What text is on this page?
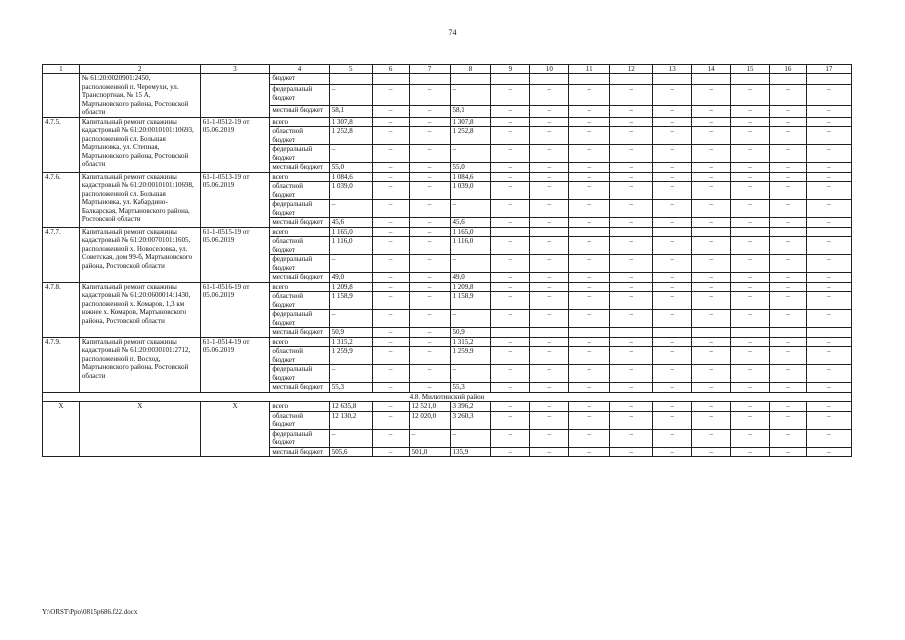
74
1	2	3	4	5	6	7	8	9	10	11	12	13	14	15	16	17
	№ 61:20:0020901:2450, расположенной п. Черемухи, ул. Транспортная, № 15 А, Мартыновского района, Ростовской области		бюджет													
			федеральный бюджет	–	–	–	–	–	–	–	–	–	–	–	–	–
			местный бюджет	58,1	–	–	58,1	–	–	–	–	–	–	–	–	–
4.7.5.	Капитальный ремонт скважины кадастровый № 61:20:0010101:10693, расположенной сл. Большая Мартыновка, ул. Степная, Мартыновского района, Ростовской области	61-1-0512-19 от 05.06.2019	всего	1 307,8	–	–	1 307,8	–	–	–	–	–	–	–	–	–
			областной бюджет	1 252,8	–	–	1 252,8	–	–	–	–	–	–	–	–	–
			федеральный бюджет	–	–	–	–	–	–	–	–	–	–	–	–	–
			местный бюджет	55,0	–	–	55,0	–	–	–	–	–	–	–	–	–
4.7.6.	Капитальный ремонт скважины кадастровый № 61:20:0010101:10698, расположенной сл. Большая Мартыновка, ул. Кабардино-Балкарская, Мартыновского района, Ростовской области	61-1-0513-19 от 05.06.2019	всего	1 084,6	–	–	1 084,6	–	–	–	–	–	–	–	–	–
			областной бюджет	1 039,0	–	–	1 039,0	–	–	–	–	–	–	–	–	–
			федеральный бюджет	–	–	–	–	–	–	–	–	–	–	–	–	–
			местный бюджет	45,6	–	–	45,6	–	–	–	–	–	–	–	–	–
4.7.7.	Капитальный ремонт скважины кадастровый № 61:20:0070101:1605, расположенной х. Новоселовка, ул. Советская, дом 99-б, Мартыновского района, Ростовской области	61-1-0515-19 от 05.06.2019	всего	1 165,0	–	–	1 165,0									
			областной бюджет	1 116,0	–	–	1 116,0	–	–	–	–	–	–	–	–	–
			федеральный бюджет	–	–	–	–	–	–	–	–	–	–	–	–	–
			местный бюджет	49,0	–	–	49,0	–	–	–	–	–	–	–	–	–
4.7.8.	Капитальный ремонт скважины кадастровый № 61:20:0600014:1430, расположенной х. Комаров, 1,3 км южнее х. Комаров, Мартыновского района, Ростовской области	61-1-0516-19 от 05.06.2019	всего	1 209,8	–	–	1 209,8	–	–	–	–	–	–	–	–	–
			областной бюджет	1 158,9	–	–	1 158,9	–	–	–	–	–	–	–	–	–
			федеральный бюджет	–	–	–	–	–	–	–	–	–	–	–	–	–
			местный бюджет	50,9	–	–	50,9									
4.7.9.	Капитальный ремонт скважины кадастровый № 61:20:0030101:2712, расположенной п. Восход, Мартыновского района, Ростовской области	61-1-0514-19 от 05.06.2019	всего	1 315,2	–	–	1 315,2	–	–	–	–	–	–	–	–	–
			областной бюджет	1 259,9	–	–	1 259,9	–	–	–	–	–	–	–	–	–
			федеральный бюджет	–	–	–	–	–	–	–	–	–	–	–	–	–
			местный бюджет	55,3	–	–	55,3	–	–	–	–	–	–	–	–	–
4.8. Милютинский район																
Х	Х	Х	всего	12 635,8	–	12 521,0	3 396,2	–	–	–	–	–	–	–	–	–
			областной бюджет	12 130,2	–	12 020,0	3 260,3	–	–	–	–	–	–	–	–	–
			федеральный бюджет	–	–	–	–	–	–	–	–	–	–	–	–	–
			местный бюджет	505,6	–	501,0	135,9	–	–	–	–	–	–	–	–	–
Y:\ORST\Ppo\0815p686.f22.docx
